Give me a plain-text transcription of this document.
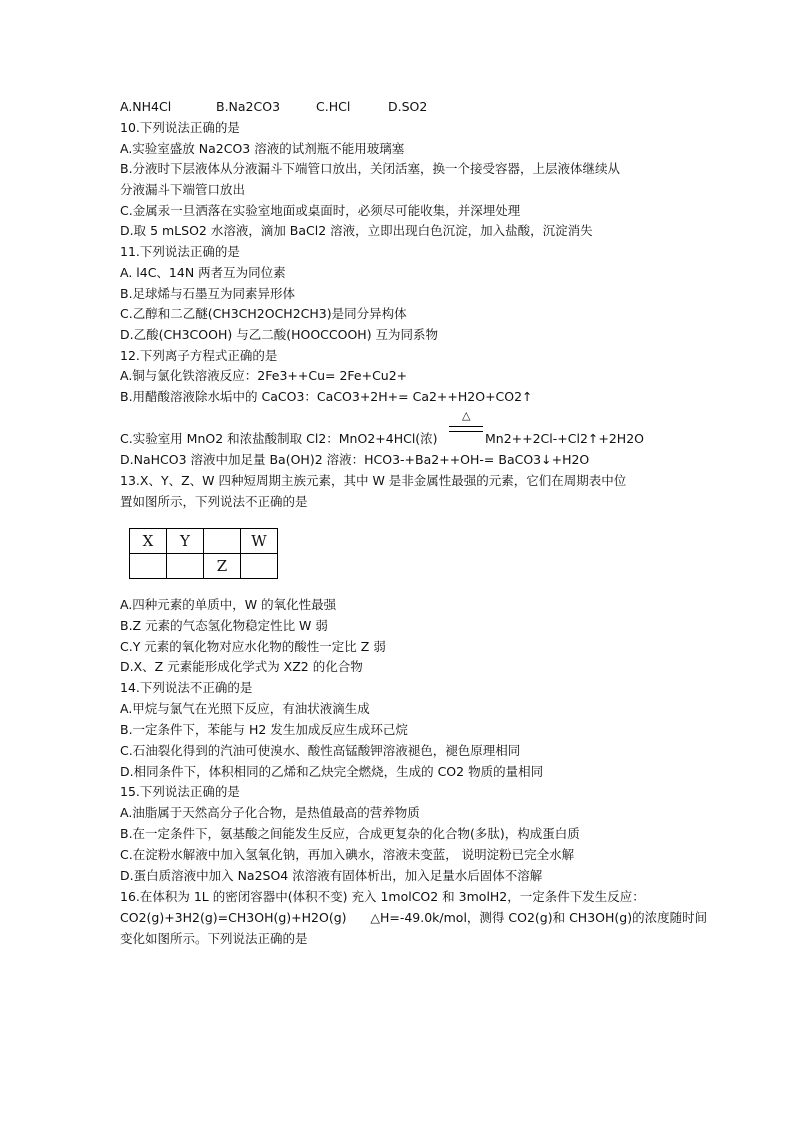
A.NH4Cl	B.Na2CO3	C.HCl	D.SO2
10.下列说法正确的是
A.实验室盛放 Na2CO3 溶液的试剂瓶不能用玻璃塞
B.分液时下层液体从分液漏斗下端管口放出，关闭活塞，换一个接受容器，上层液体继续从
分液漏斗下端管口放出
C.金属汞一旦洒落在实验室地面或桌面时，必须尽可能收集，并深埋处理
D.取 5 mLSO2 水溶液，滴加 BaCl2 溶液，立即出现白色沉淀，加入盐酸，沉淀消失
11.下列说法正确的是
A. l4C、14N 两者互为同位素
B.足球烯与石墨互为同素异形体
C.乙醇和二乙醚(CH3CH2OCH2CH3)是同分异构体
D.乙酸(CH3COOH) 与乙二酸(HOOCCOOH) 互为同系物
12.下列离子方程式正确的是
A.铜与氯化铁溶液反应：2Fe3++Cu= 2Fe+Cu2+
B.用醋酸溶液除水垢中的 CaCO3：CaCO3+2H+= Ca2++H2O+CO2↑
△
C.实验室用 MnO2 和浓盐酸制取 Cl2：MnO2+4HCl(浓)	Mn2++2Cl-+Cl2↑+2H2O
D.NaHCO3 溶液中加足量 Ba(OH)2 溶液：HCO3-+Ba2++OH-= BaCO3↓+H2O
13.X、Y、Z、W 四种短周期主族元素，其中 W 是非金属性最强的元素，它们在周期表中位
置如图所示，下列说法不正确的是
X	Y		W
		Z	
A.四种元素的单质中，W 的氧化性最强
B.Z 元素的气态氢化物稳定性比 W 弱
C.Y 元素的氧化物对应水化物的酸性一定比 Z 弱
D.X、Z 元素能形成化学式为 XZ2 的化合物
14.下列说法不正确的是
A.甲烷与氯气在光照下反应，有油状液滴生成
B.一定条件下，苯能与 H2 发生加成反应生成环己烷
C.石油裂化得到的汽油可使溴水、酸性高锰酸钾溶液褪色，褪色原理相同
D.相同条件下，体积相同的乙烯和乙炔完全燃烧，生成的 CO2 物质的量相同
15.下列说法正确的是
A.油脂属于天然高分子化合物，是热值最高的营养物质
B.在一定条件下，氨基酸之间能发生反应，合成更复杂的化合物(多肽)，构成蛋白质
C.在淀粉水解液中加入氢氧化钠，再加入碘水，溶液未变蓝， 说明淀粉已完全水解
D.蛋白质溶液中加入 Na2SO4 浓溶液有固体析出，加入足量水后固体不溶解
16.在体积为 1L 的密闭容器中(体积不变) 充入 1molCO2 和 3molH2，一定条件下发生反应：
CO2(g)+3H2(g)=CH3OH(g)+H2O(g)      △H=-49.0k/mol，测得 CO2(g)和 CH3OH(g)的浓度随时间
变化如图所示。下列说法正确的是
